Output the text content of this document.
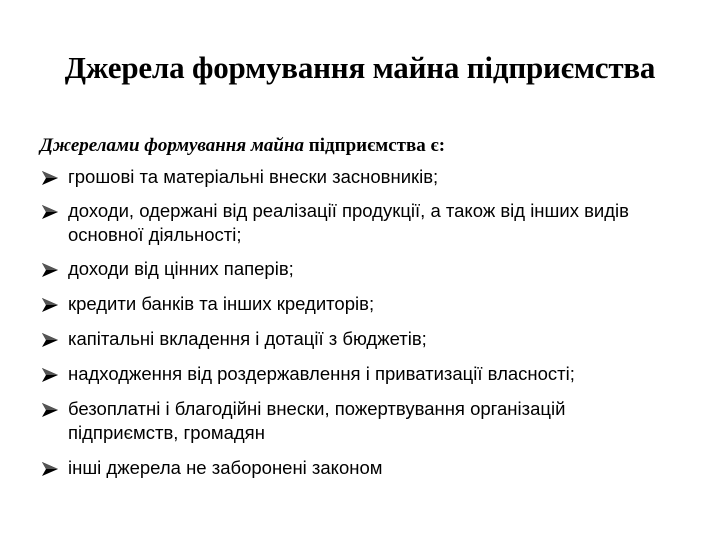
Джерела формування майна підприємства
Джерелами формування майна підприємства є:
грошові та матеріальні внески засновників;
доходи, одержані від реалізації продукції, а також від інших видів основної діяльності;
доходи від цінних паперів;
кредити банків та інших кредиторів;
капітальні вкладення і дотації з бюджетів;
надходження від роздержавлення і приватизації власності;
безоплатні і благодійні внески, пожертвування організацій підприємств, громадян
інші джерела не заборонені законом
